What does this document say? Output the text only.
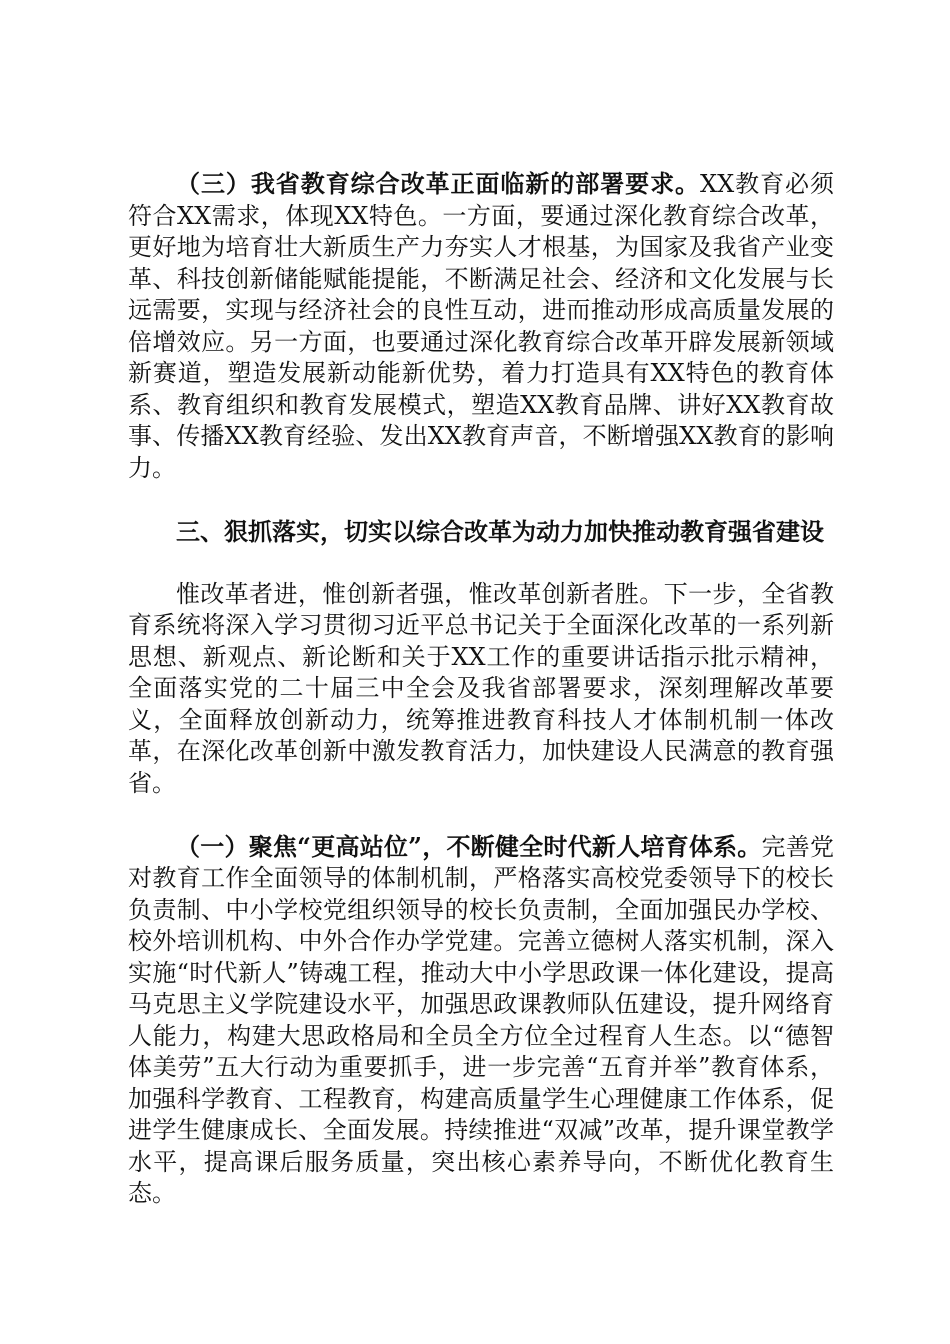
（三）我省教育综合改革正面临新的部署要求。XX教育必须符合XX需求，体现XX特色。一方面，要通过深化教育综合改革，更好地为培育壮大新质生产力夯实人才根基，为国家及我省产业变革、科技创新储能赋能提能，不断满足社会、经济和文化发展与长远需要，实现与经济社会的良性互动，进而推动形成高质量发展的倍增效应。另一方面，也要通过深化教育综合改革开辟发展新领域新赛道，塑造发展新动能新优势，着力打造具有XX特色的教育体系、教育组织和教育发展模式，塑造XX教育品牌、讲好XX教育故事、传播XX教育经验、发出XX教育声音，不断增强XX教育的影响力。

三、狠抓落实，切实以综合改革为动力加快推动教育强省建设

惟改革者进，惟创新者强，惟改革创新者胜。下一步，全省教育系统将深入学习贯彻习近平总书记关于全面深化改革的一系列新思想、新观点、新论断和关于XX工作的重要讲话指示批示精神，全面落实党的二十届三中全会及我省部署要求，深刻理解改革要义，全面释放创新动力，统筹推进教育科技人才体制机制一体改革，在深化改革创新中激发教育活力，加快建设人民满意的教育强省。

（一）聚焦“更高站位”，不断健全时代新人培育体系。完善党对教育工作全面领导的体制机制，严格落实高校党委领导下的校长负责制、中小学校党组织领导的校长负责制，全面加强民办学校、校外培训机构、中外合作办学党建。完善立德树人落实机制，深入实施“时代新人”铸魂工程，推动大中小学思政课一体化建设，提高马克思主义学院建设水平，加强思政课教师队伍建设，提升网络育人能力，构建大思政格局和全员全方位全过程育人生态。以“德智体美劳”五大行动为重要抓手，进一步完善“五育并举”教育体系，加强科学教育、工程教育，构建高质量学生心理健康工作体系，促进学生健康成长、全面发展。持续推进“双减”改革，提升课堂教学水平，提高课后服务质量，突出核心素养导向，不断优化教育生态。
